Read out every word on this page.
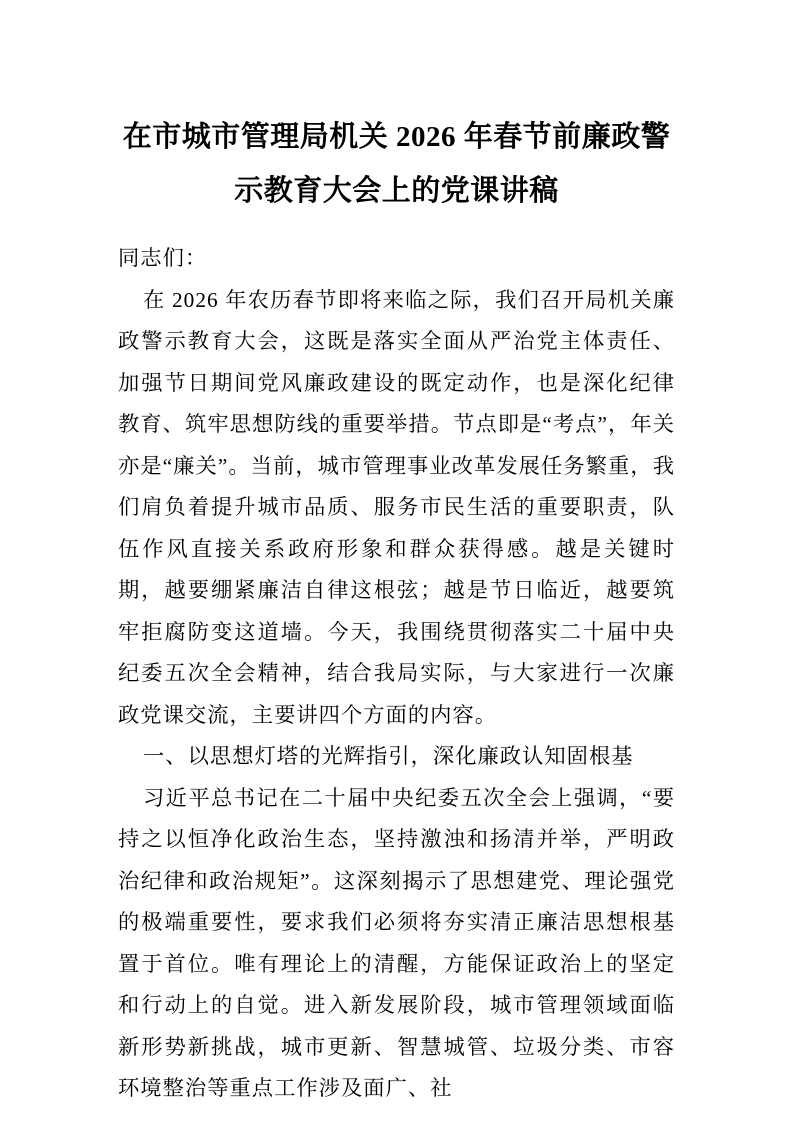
在市城市管理局机关 2026 年春节前廉政警
示教育大会上的党课讲稿

同志们：

在 2026 年农历春节即将来临之际，我们召开局机关廉政警示教育大会，这既是落实全面从严治党主体责任、加强节日期间党风廉政建设的既定动作，也是深化纪律教育、筑牢思想防线的重要举措。节点即是“考点”，年关亦是“廉关”。当前，城市管理事业改革发展任务繁重，我们肩负着提升城市品质、服务市民生活的重要职责，队伍作风直接关系政府形象和群众获得感。越是关键时期，越要绷紧廉洁自律这根弦；越是节日临近，越要筑牢拒腐防变这道墙。今天，我围绕贯彻落实二十届中央纪委五次全会精神，结合我局实际，与大家进行一次廉政党课交流，主要讲四个方面的内容。

一、以思想灯塔的光辉指引，深化廉政认知固根基

习近平总书记在二十届中央纪委五次全会上强调，“要持之以恒净化政治生态，坚持激浊和扬清并举，严明政治纪律和政治规矩”。这深刻揭示了思想建党、理论强党的极端重要性，要求我们必须将夯实清正廉洁思想根基置于首位。唯有理论上的清醒，方能保证政治上的坚定和行动上的自觉。进入新发展阶段，城市管理领域面临新形势新挑战，城市更新、智慧城管、垃圾分类、市容环境整治等重点工作涉及面广、社
